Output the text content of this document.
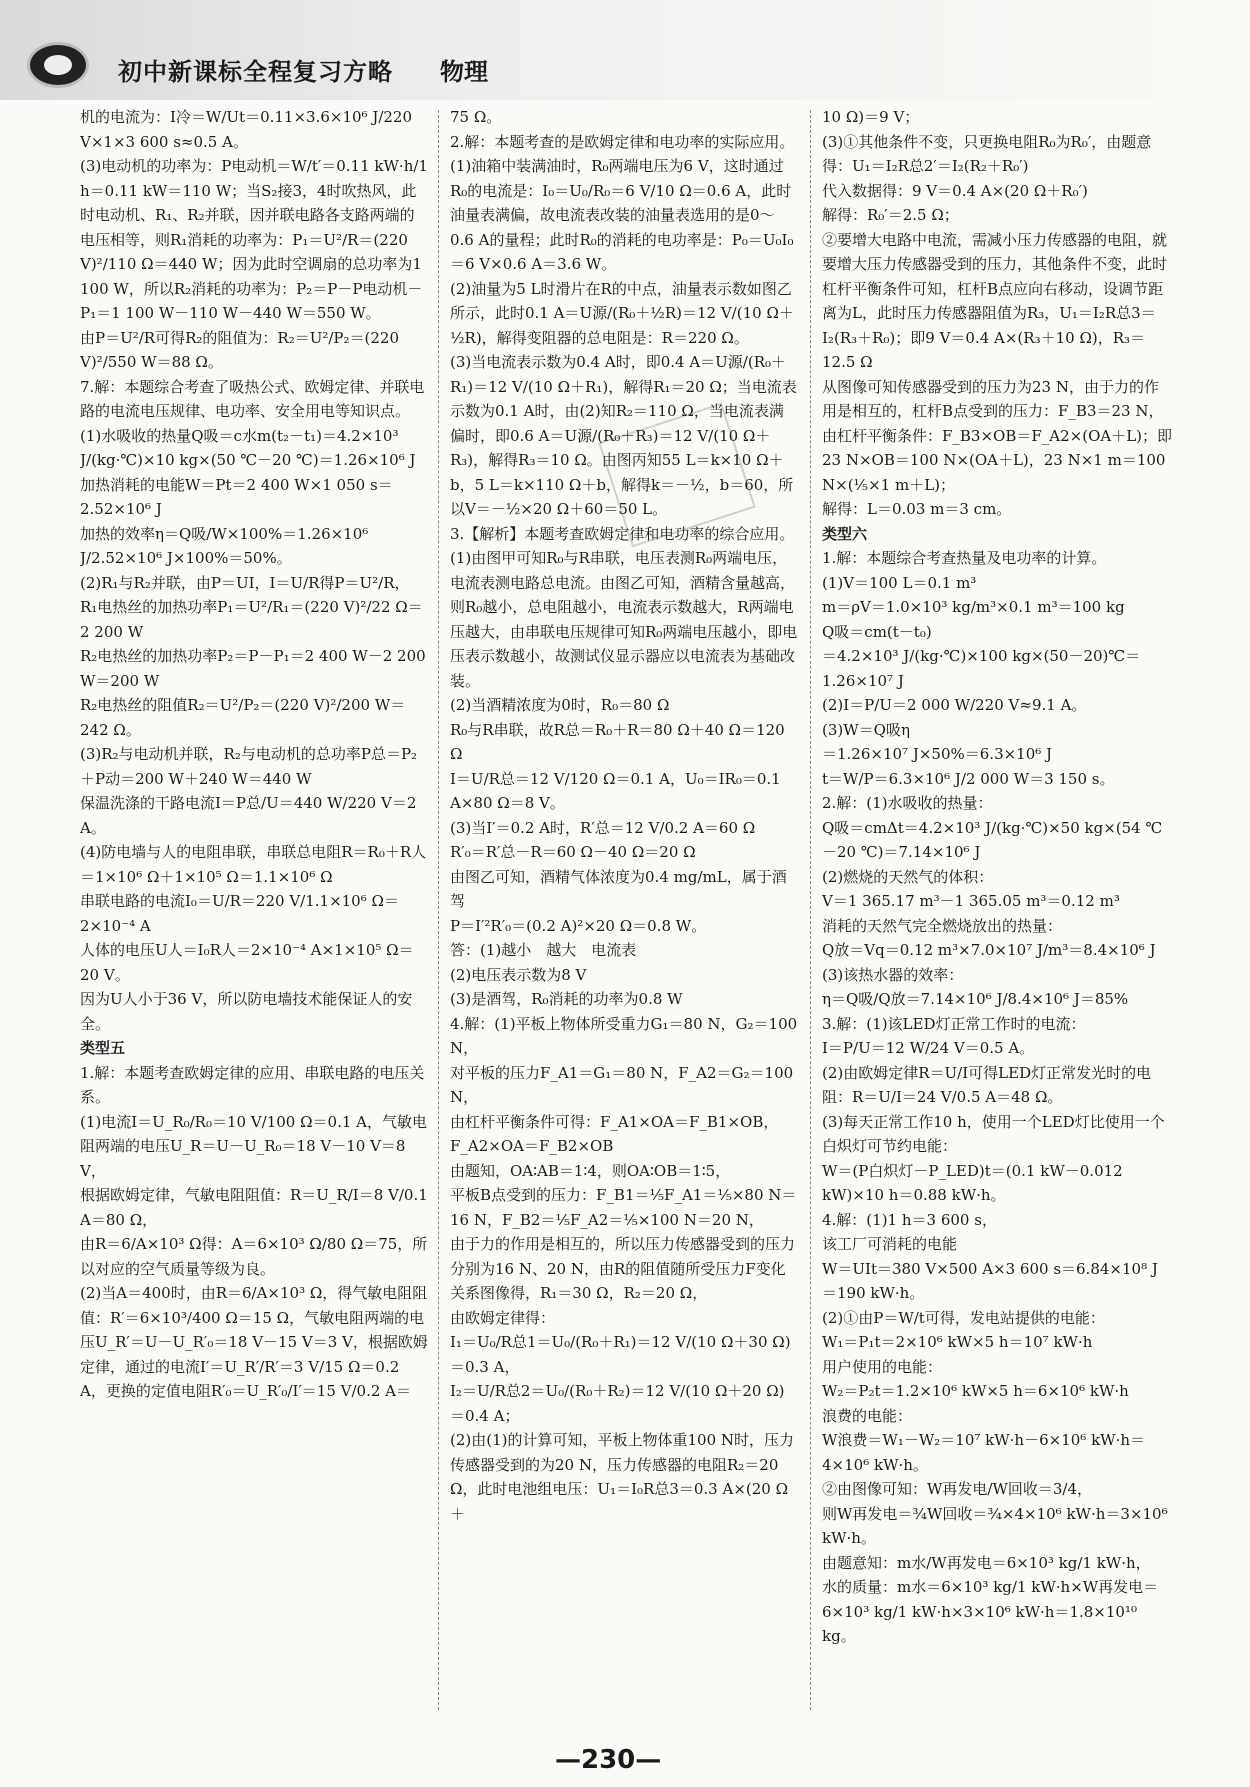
初中新课标全程复习方略 物理

机的电流为：I冷＝W/Ut＝0.11×3.6×10⁶ J/220 V×1×3 600 s≈0.5 A。

(3)电动机的功率为：P电动机＝W/t′＝0.11 kW·h/1 h＝0.11 kW＝110 W；当S₂接3，4时吹热风，此时电动机、R₁、R₂并联，因并联电路各支路两端的电压相等，则R₁消耗的功率为：P₁＝U²/R＝(220 V)²/110 Ω＝440 W；因为此时空调扇的总功率为1 100 W，所以R₂消耗的功率为：P₂＝P－P电动机－P₁＝1 100 W－110 W－440 W＝550 W。

由P＝U²/R可得R₂的阻值为：R₂＝U²/P₂＝(220 V)²/550 W＝88 Ω。

7.解：本题综合考查了吸热公式、欧姆定律、并联电路的电流电压规律、电功率、安全用电等知识点。

(1)水吸收的热量Q吸＝c水m(t₂－t₁)＝4.2×10³ J/(kg·℃)×10 kg×(50 ℃－20 ℃)＝1.26×10⁶ J

加热消耗的电能W＝Pt＝2 400 W×1 050 s＝2.52×10⁶ J

加热的效率η＝Q吸/W×100%＝1.26×10⁶ J/2.52×10⁶ J×100%＝50%。

(2)R₁与R₂并联，由P＝UI，I＝U/R得P＝U²/R，

R₁电热丝的加热功率P₁＝U²/R₁＝(220 V)²/22 Ω＝2 200 W

R₂电热丝的加热功率P₂＝P－P₁＝2 400 W－2 200 W＝200 W

R₂电热丝的阻值R₂＝U²/P₂＝(220 V)²/200 W＝242 Ω。

(3)R₂与电动机并联，R₂与电动机的总功率P总＝P₂＋P动＝200 W＋240 W＝440 W

保温洗涤的干路电流I＝P总/U＝440 W/220 V＝2 A。

(4)防电墙与人的电阻串联，串联总电阻R＝R₀＋R人＝1×10⁶ Ω＋1×10⁵ Ω＝1.1×10⁶ Ω

串联电路的电流I₀＝U/R＝220 V/1.1×10⁶ Ω＝2×10⁻⁴ A

人体的电压U人＝I₀R人＝2×10⁻⁴ A×1×10⁵ Ω＝20 V。

因为U人小于36 V，所以防电墙技术能保证人的安全。

类型五

1.解：本题考查欧姆定律的应用、串联电路的电压关系。

(1)电流I＝U_R₀/R₀＝10 V/100 Ω＝0.1 A，气敏电阻两端的电压U_R＝U－U_R₀＝18 V－10 V＝8 V，

根据欧姆定律，气敏电阻阻值：R＝U_R/I＝8 V/0.1 A＝80 Ω，

由R＝6/A×10³ Ω得：A＝6×10³ Ω/80 Ω＝75，所以对应的空气质量等级为良。

(2)当A＝400时，由R＝6/A×10³ Ω，得气敏电阻阻值：R′＝6×10³/400 Ω＝15 Ω，气敏电阻两端的电压U_R′＝U－U_R′₀＝18 V－15 V＝3 V，根据欧姆定律，通过的电流I′＝U_R′/R′＝3 V/15 Ω＝0.2 A，更换的定值电阻R′₀＝U_R′₀/I′＝15 V/0.2 A＝

75 Ω。

2.解：本题考查的是欧姆定律和电功率的实际应用。(1)油箱中装满油时，R₀两端电压为6 V，这时通过R₀的电流是：I₀＝U₀/R₀＝6 V/10 Ω＝0.6 A，此时油量表满偏，故电流表改装的油量表选用的是0～0.6 A的量程；此时R₀的消耗的电功率是：P₀＝U₀I₀＝6 V×0.6 A＝3.6 W。

(2)油量为5 L时滑片在R的中点，油量表示数如图乙所示，此时0.1 A＝U源/(R₀＋½R)＝12 V/(10 Ω＋½R)，解得变阻器的总电阻是：R＝220 Ω。

(3)当电流表示数为0.4 A时，即0.4 A＝U源/(R₀＋R₁)＝12 V/(10 Ω＋R₁)，解得R₁＝20 Ω；当电流表示数为0.1 A时，由(2)知R₂＝110 Ω，当电流表满偏时，即0.6 A＝U源/(R₀＋R₃)＝12 V/(10 Ω＋R₃)，解得R₃＝10 Ω。由图丙知55 L＝k×10 Ω＋b，5 L＝k×110 Ω＋b，解得k＝－½，b＝60，所以V＝－½×20 Ω＋60＝50 L。

3.【解析】本题考查欧姆定律和电功率的综合应用。

(1)由图甲可知R₀与R串联，电压表测R₀两端电压，电流表测电路总电流。由图乙可知，酒精含量越高，则R₀越小，总电阻越小，电流表示数越大，R两端电压越大，由串联电压规律可知R₀两端电压越小，即电压表示数越小，故测试仪显示器应以电流表为基础改装。

(2)当酒精浓度为0时，R₀＝80 Ω

R₀与R串联，故R总＝R₀＋R＝80 Ω＋40 Ω＝120 Ω

I＝U/R总＝12 V/120 Ω＝0.1 A，U₀＝IR₀＝0.1 A×80 Ω＝8 V。

(3)当I′＝0.2 A时，R′总＝12 V/0.2 A＝60 Ω

R′₀＝R′总－R＝60 Ω－40 Ω＝20 Ω

由图乙可知，酒精气体浓度为0.4 mg/mL，属于酒驾

P＝I′²R′₀＝(0.2 A)²×20 Ω＝0.8 W。

答：(1)越小　越大　电流表

(2)电压表示数为8 V

(3)是酒驾，R₀消耗的功率为0.8 W

4.解：(1)平板上物体所受重力G₁＝80 N，G₂＝100 N，

对平板的压力F_A1＝G₁＝80 N，F_A2＝G₂＝100 N，

由杠杆平衡条件可得：F_A1×OA＝F_B1×OB，F_A2×OA＝F_B2×OB

由题知，OA∶AB＝1∶4，则OA∶OB＝1∶5，

平板B点受到的压力：F_B1＝⅕F_A1＝⅕×80 N＝16 N，F_B2＝⅕F_A2＝⅕×100 N＝20 N，

由于力的作用是相互的，所以压力传感器受到的压力分别为16 N、20 N，由R的阻值随所受压力F变化关系图像得，R₁＝30 Ω，R₂＝20 Ω，

由欧姆定律得：

I₁＝U₀/R总1＝U₀/(R₀＋R₁)＝12 V/(10 Ω＋30 Ω)＝0.3 A，

I₂＝U/R总2＝U₀/(R₀＋R₂)＝12 V/(10 Ω＋20 Ω)＝0.4 A；

(2)由(1)的计算可知，平板上物体重100 N时，压力传感器受到的为20 N，压力传感器的电阻R₂＝20 Ω，此时电池组电压：U₁＝I₀R总3＝0.3 A×(20 Ω＋

10 Ω)＝9 V；

(3)①其他条件不变，只更换电阻R₀为R₀′，由题意得：U₁＝I₂R总2′＝I₂(R₂＋R₀′)

代入数据得：9 V＝0.4 A×(20 Ω＋R₀′)

解得：R₀′＝2.5 Ω；

②要增大电路中电流，需减小压力传感器的电阻，就要增大压力传感器受到的压力，其他条件不变，此时杠杆平衡条件可知，杠杆B点应向右移动，设调节距离为L，此时压力传感器阻值为R₃，U₁＝I₂R总3＝I₂(R₃＋R₀)；即9 V＝0.4 A×(R₃＋10 Ω)，R₃＝12.5 Ω

从图像可知传感器受到的压力为23 N，由于力的作用是相互的，杠杆B点受到的压力：F_B3＝23 N，由杠杆平衡条件：F_B3×OB＝F_A2×(OA＋L)；即23 N×OB＝100 N×(OA＋L)，23 N×1 m＝100 N×(⅕×1 m＋L)；

解得：L＝0.03 m＝3 cm。

类型六

1.解：本题综合考查热量及电功率的计算。

(1)V＝100 L＝0.1 m³

m＝ρV＝1.0×10³ kg/m³×0.1 m³＝100 kg

Q吸＝cm(t－t₀)

＝4.2×10³ J/(kg·℃)×100 kg×(50－20)℃＝1.26×10⁷ J

(2)I＝P/U＝2 000 W/220 V≈9.1 A。

(3)W＝Q吸η

＝1.26×10⁷ J×50%＝6.3×10⁶ J

t＝W/P＝6.3×10⁶ J/2 000 W＝3 150 s。

2.解：(1)水吸收的热量：

Q吸＝cmΔt＝4.2×10³ J/(kg·℃)×50 kg×(54 ℃－20 ℃)＝7.14×10⁶ J

(2)燃烧的天然气的体积：

V＝1 365.17 m³－1 365.05 m³＝0.12 m³

消耗的天然气完全燃烧放出的热量：

Q放＝Vq＝0.12 m³×7.0×10⁷ J/m³＝8.4×10⁶ J

(3)该热水器的效率：

η＝Q吸/Q放＝7.14×10⁶ J/8.4×10⁶ J＝85%

3.解：(1)该LED灯正常工作时的电流：

I＝P/U＝12 W/24 V＝0.5 A。

(2)由欧姆定律R＝U/I可得LED灯正常发光时的电阻：R＝U/I＝24 V/0.5 A＝48 Ω。

(3)每天正常工作10 h，使用一个LED灯比使用一个白炽灯可节约电能：

W＝(P白炽灯－P_LED)t＝(0.1 kW－0.012 kW)×10 h＝0.88 kW·h。

4.解：(1)1 h＝3 600 s，

该工厂可消耗的电能

W＝UIt＝380 V×500 A×3 600 s＝6.84×10⁸ J＝190 kW·h。

(2)①由P＝W/t可得，发电站提供的电能：

W₁＝P₁t＝2×10⁶ kW×5 h＝10⁷ kW·h

用户使用的电能：

W₂＝P₂t＝1.2×10⁶ kW×5 h＝6×10⁶ kW·h

浪费的电能：

W浪费＝W₁－W₂＝10⁷ kW·h－6×10⁶ kW·h＝4×10⁶ kW·h。

②由图像可知：W再发电/W回收＝3/4，

则W再发电＝¾W回收＝¾×4×10⁶ kW·h＝3×10⁶ kW·h。

由题意知：m水/W再发电＝6×10³ kg/1 kW·h，

水的质量：m水＝6×10³ kg/1 kW·h×W再发电＝6×10³ kg/1 kW·h×3×10⁶ kW·h＝1.8×10¹⁰ kg。

—230—
